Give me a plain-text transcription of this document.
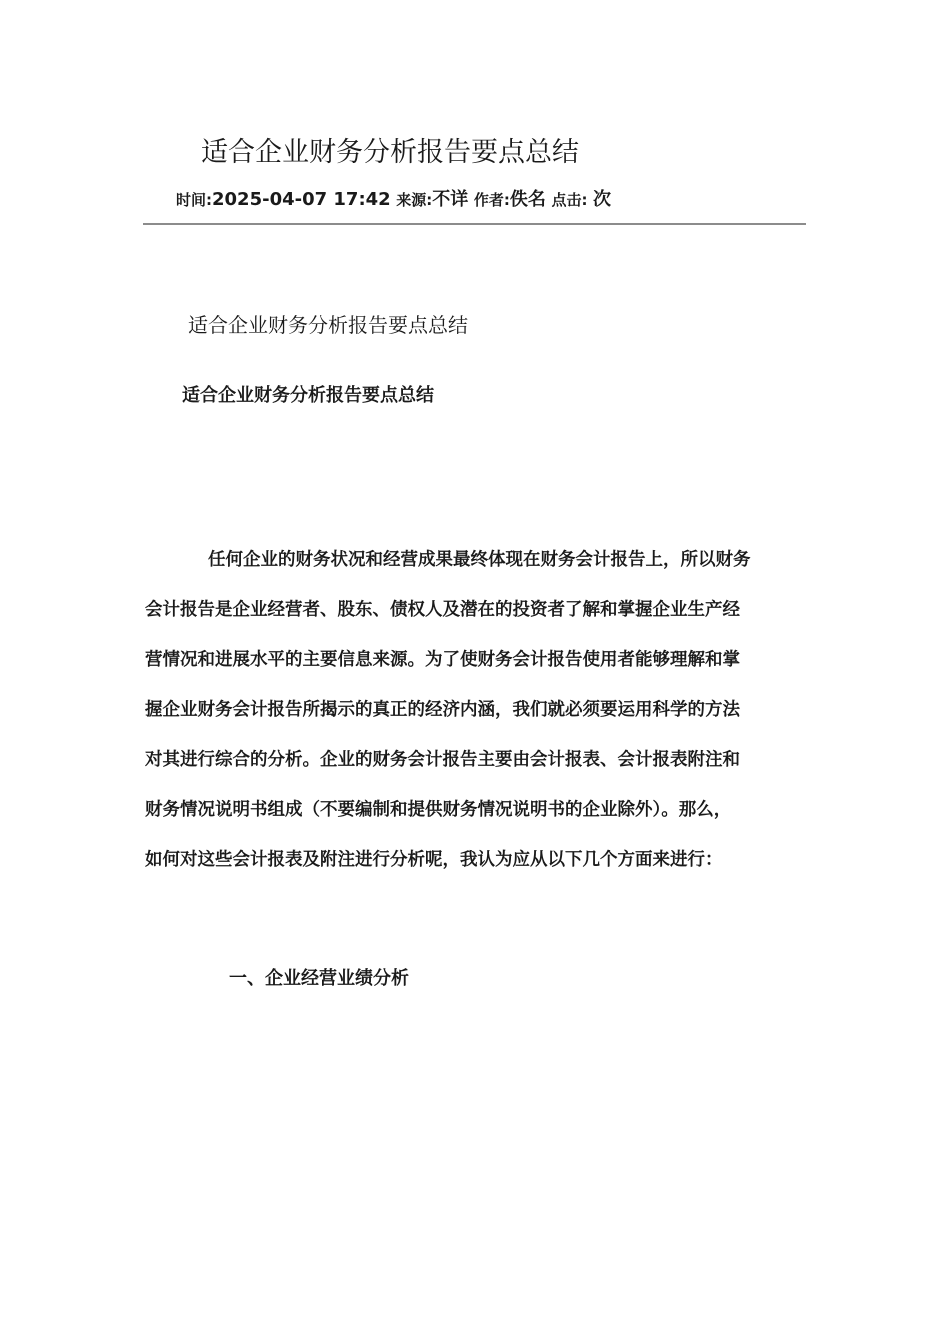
适合企业财务分析报告要点总结
时间:2025-04-07 17:42 来源:不详 作者:佚名 点击: 次
适合企业财务分析报告要点总结
适合企业财务分析报告要点总结
任何企业的财务状况和经营成果最终体现在财务会计报告上，所以财务
会计报告是企业经营者、股东、债权人及潜在的投资者了解和掌握企业生产经
营情况和进展水平的主要信息来源。为了使财务会计报告使用者能够理解和掌
握企业财务会计报告所揭示的真正的经济内涵，我们就必须要运用科学的方法
对其进行综合的分析。企业的财务会计报告主要由会计报表、会计报表附注和
财务情况说明书组成（不要编制和提供财务情况说明书的企业除外）。那么，
如何对这些会计报表及附注进行分析呢，我认为应从以下几个方面来进行：
一、企业经营业绩分析
